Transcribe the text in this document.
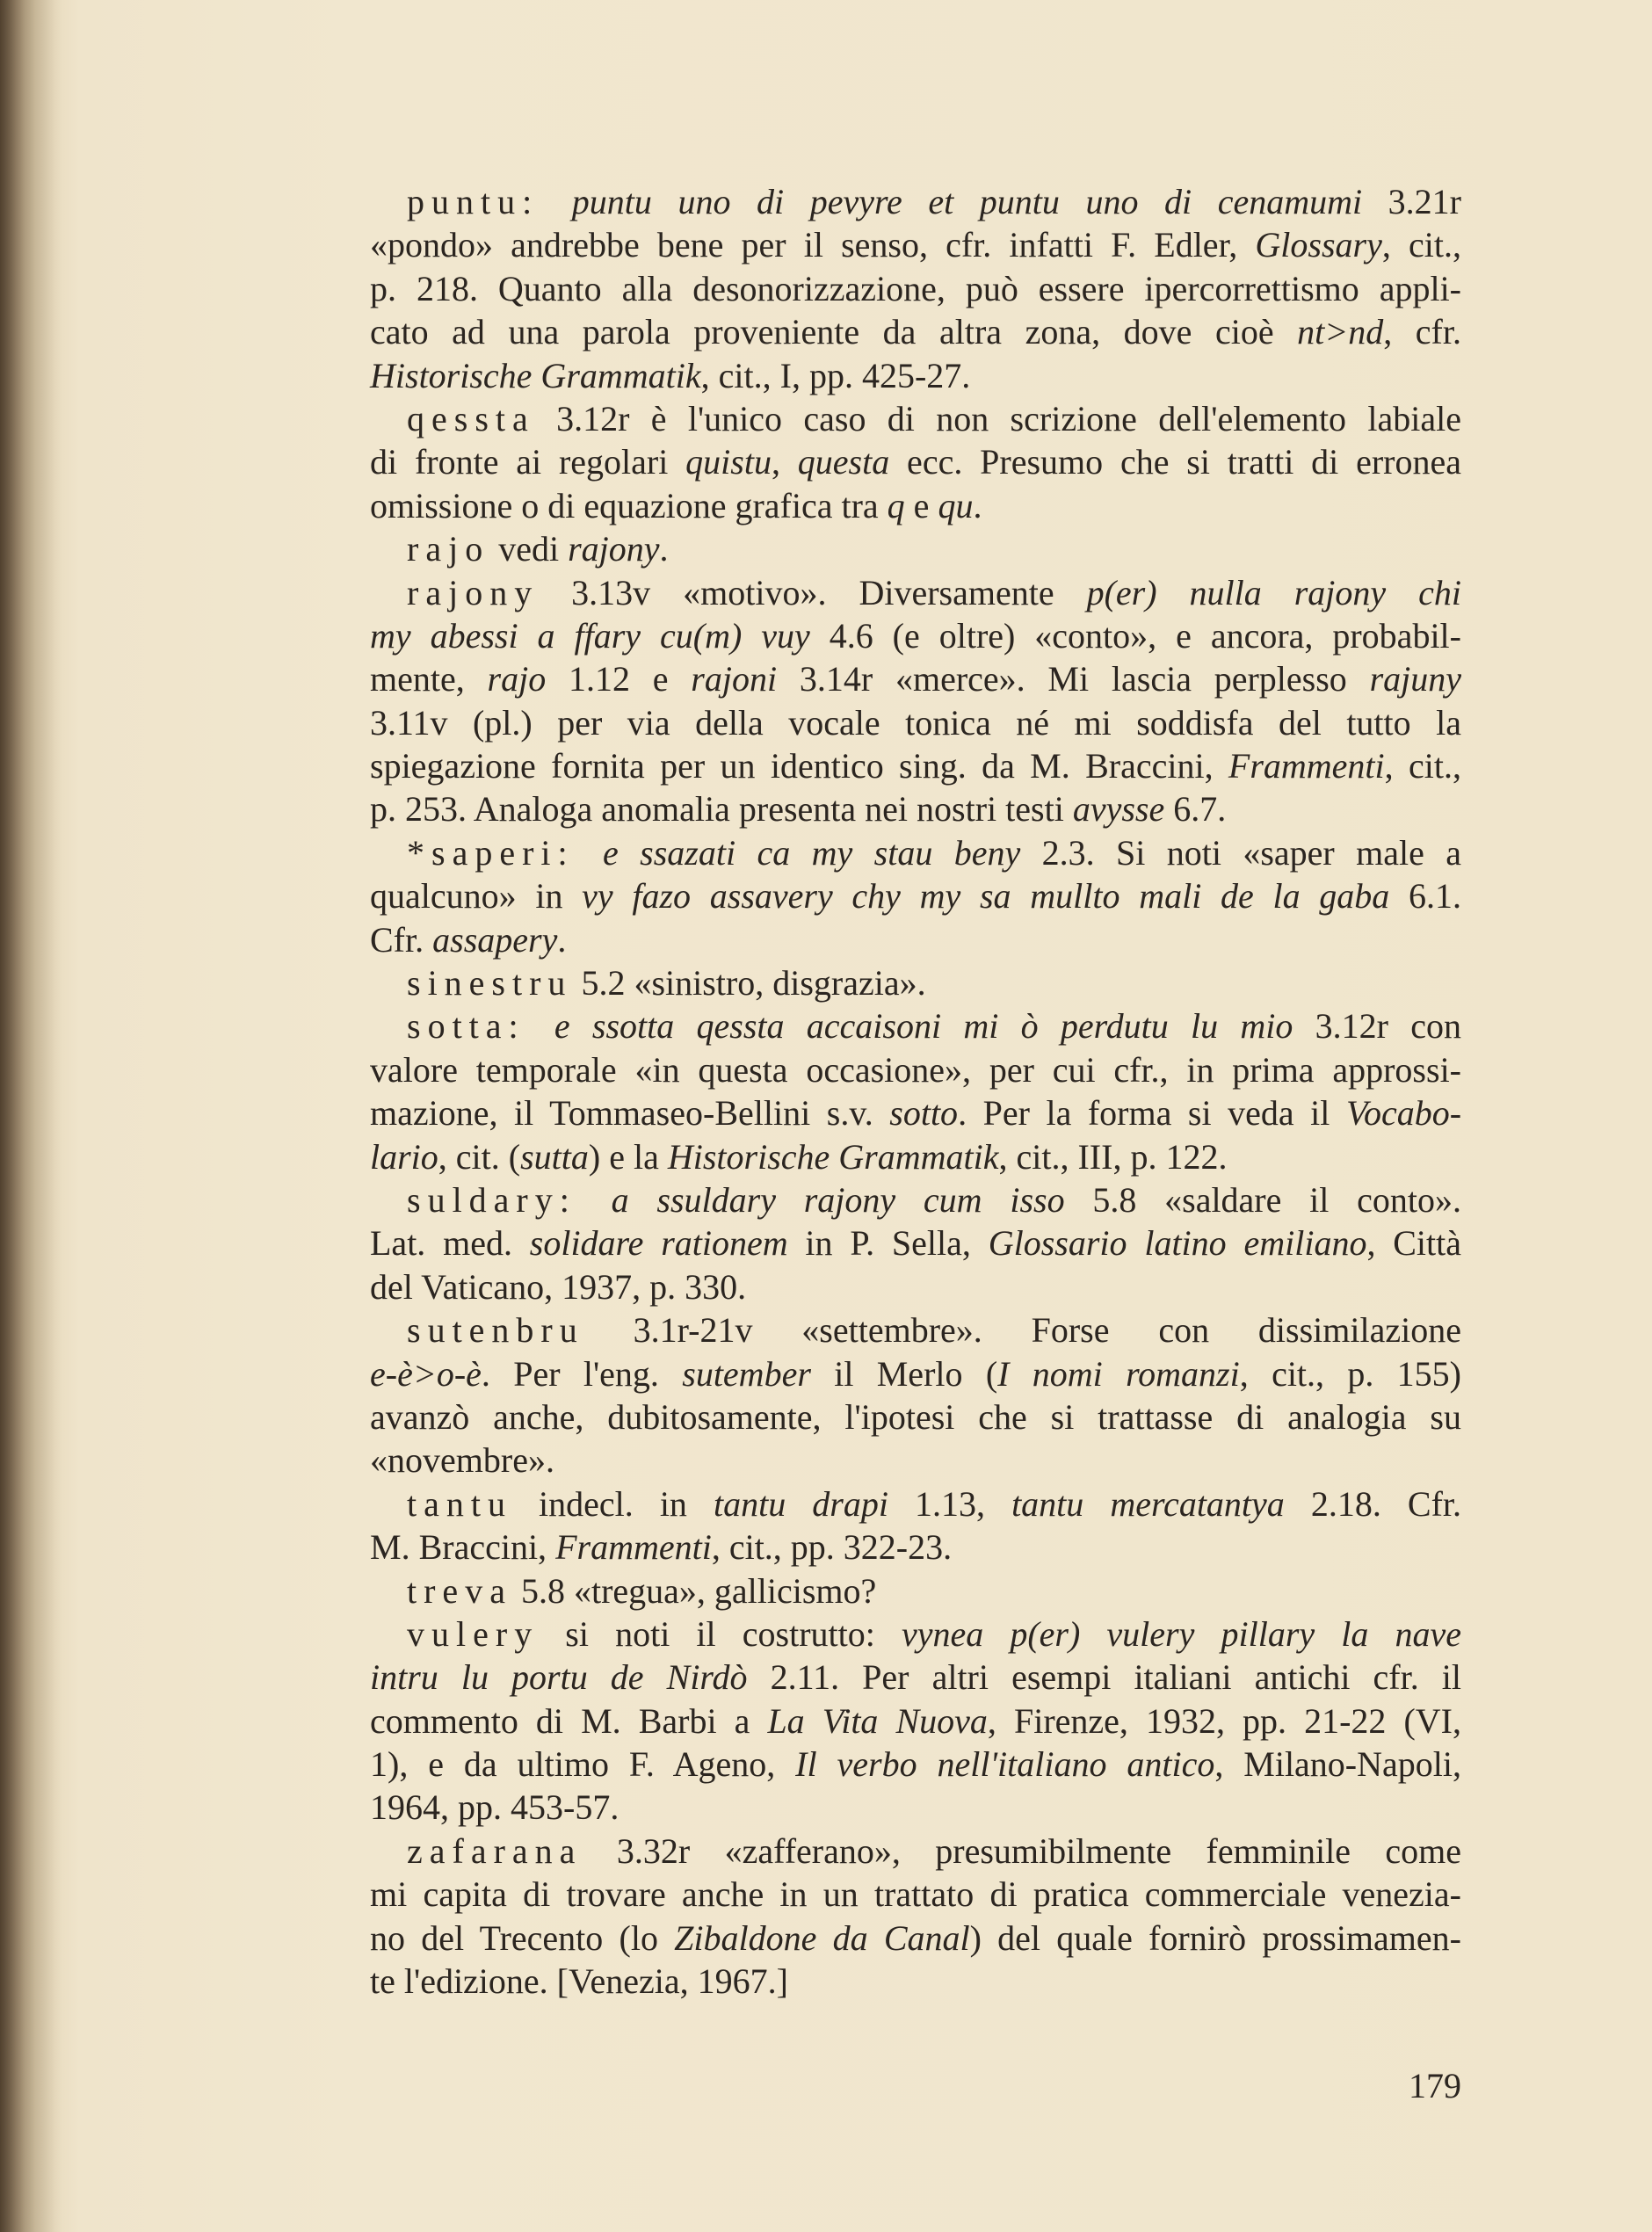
puntu: puntu uno di pevyre et puntu uno di cenamumi 3.21r
«pondo» andrebbe bene per il senso, cfr. infatti F. Edler, Glossary, cit.,
p. 218. Quanto alla desonorizzazione, può essere ipercorrettismo appli-
cato ad una parola proveniente da altra zona, dove cioè nt>nd, cfr.
Historische Grammatik, cit., I, pp. 425-27.
qessta 3.12r è l'unico caso di non scrizione dell'elemento labiale
di fronte ai regolari quistu, questa ecc. Presumo che si tratti di erronea
omissione o di equazione grafica tra q e qu.
rajo vedi rajony.
rajony 3.13v «motivo». Diversamente p(er) nulla rajony chi
my abessi a ffary cu(m) vuy 4.6 (e oltre) «conto», e ancora, probabil-
mente, rajo 1.12 e rajoni 3.14r «merce». Mi lascia perplesso rajuny
3.11v (pl.) per via della vocale tonica né mi soddisfa del tutto la
spiegazione fornita per un identico sing. da M. Braccini, Frammenti, cit.,
p. 253. Analoga anomalia presenta nei nostri testi avysse 6.7.
*saperi: e ssazati ca my stau beny 2.3. Si noti «saper male a
qualcuno» in vy fazo assavery chy my sa mullto mali de la gaba 6.1.
Cfr. assapery.
sinestru 5.2 «sinistro, disgrazia».
sotta: e ssotta qessta accaisoni mi ò perdutu lu mio 3.12r con
valore temporale «in questa occasione», per cui cfr., in prima approssi-
mazione, il Tommaseo-Bellini s.v. sotto. Per la forma si veda il Vocabo-
lario, cit. (sutta) e la Historische Grammatik, cit., III, p. 122.
suldary: a ssuldary rajony cum isso 5.8 «saldare il conto».
Lat. med. solidare rationem in P. Sella, Glossario latino emiliano, Città
del Vaticano, 1937, p. 330.
sutenbru 3.1r-21v «settembre». Forse con dissimilazione
e-è>o-è. Per l'eng. sutember il Merlo (I nomi romanzi, cit., p. 155)
avanzò anche, dubitosamente, l'ipotesi che si trattasse di analogia su
«novembre».
tantu indecl. in tantu drapi 1.13, tantu mercatantya 2.18. Cfr.
M. Braccini, Frammenti, cit., pp. 322-23.
treva 5.8 «tregua», gallicismo?
vulery si noti il costrutto: vynea p(er) vulery pillary la nave
intru lu portu de Nirdò 2.11. Per altri esempi italiani antichi cfr. il
commento di M. Barbi a La Vita Nuova, Firenze, 1932, pp. 21-22 (VI,
1), e da ultimo F. Ageno, Il verbo nell'italiano antico, Milano-Napoli,
1964, pp. 453-57.
zafarana 3.32r «zafferano», presumibilmente femminile come
mi capita di trovare anche in un trattato di pratica commerciale venezia-
no del Trecento (lo Zibaldone da Canal) del quale fornirò prossimamen-
te l'edizione. [Venezia, 1967.]
179
